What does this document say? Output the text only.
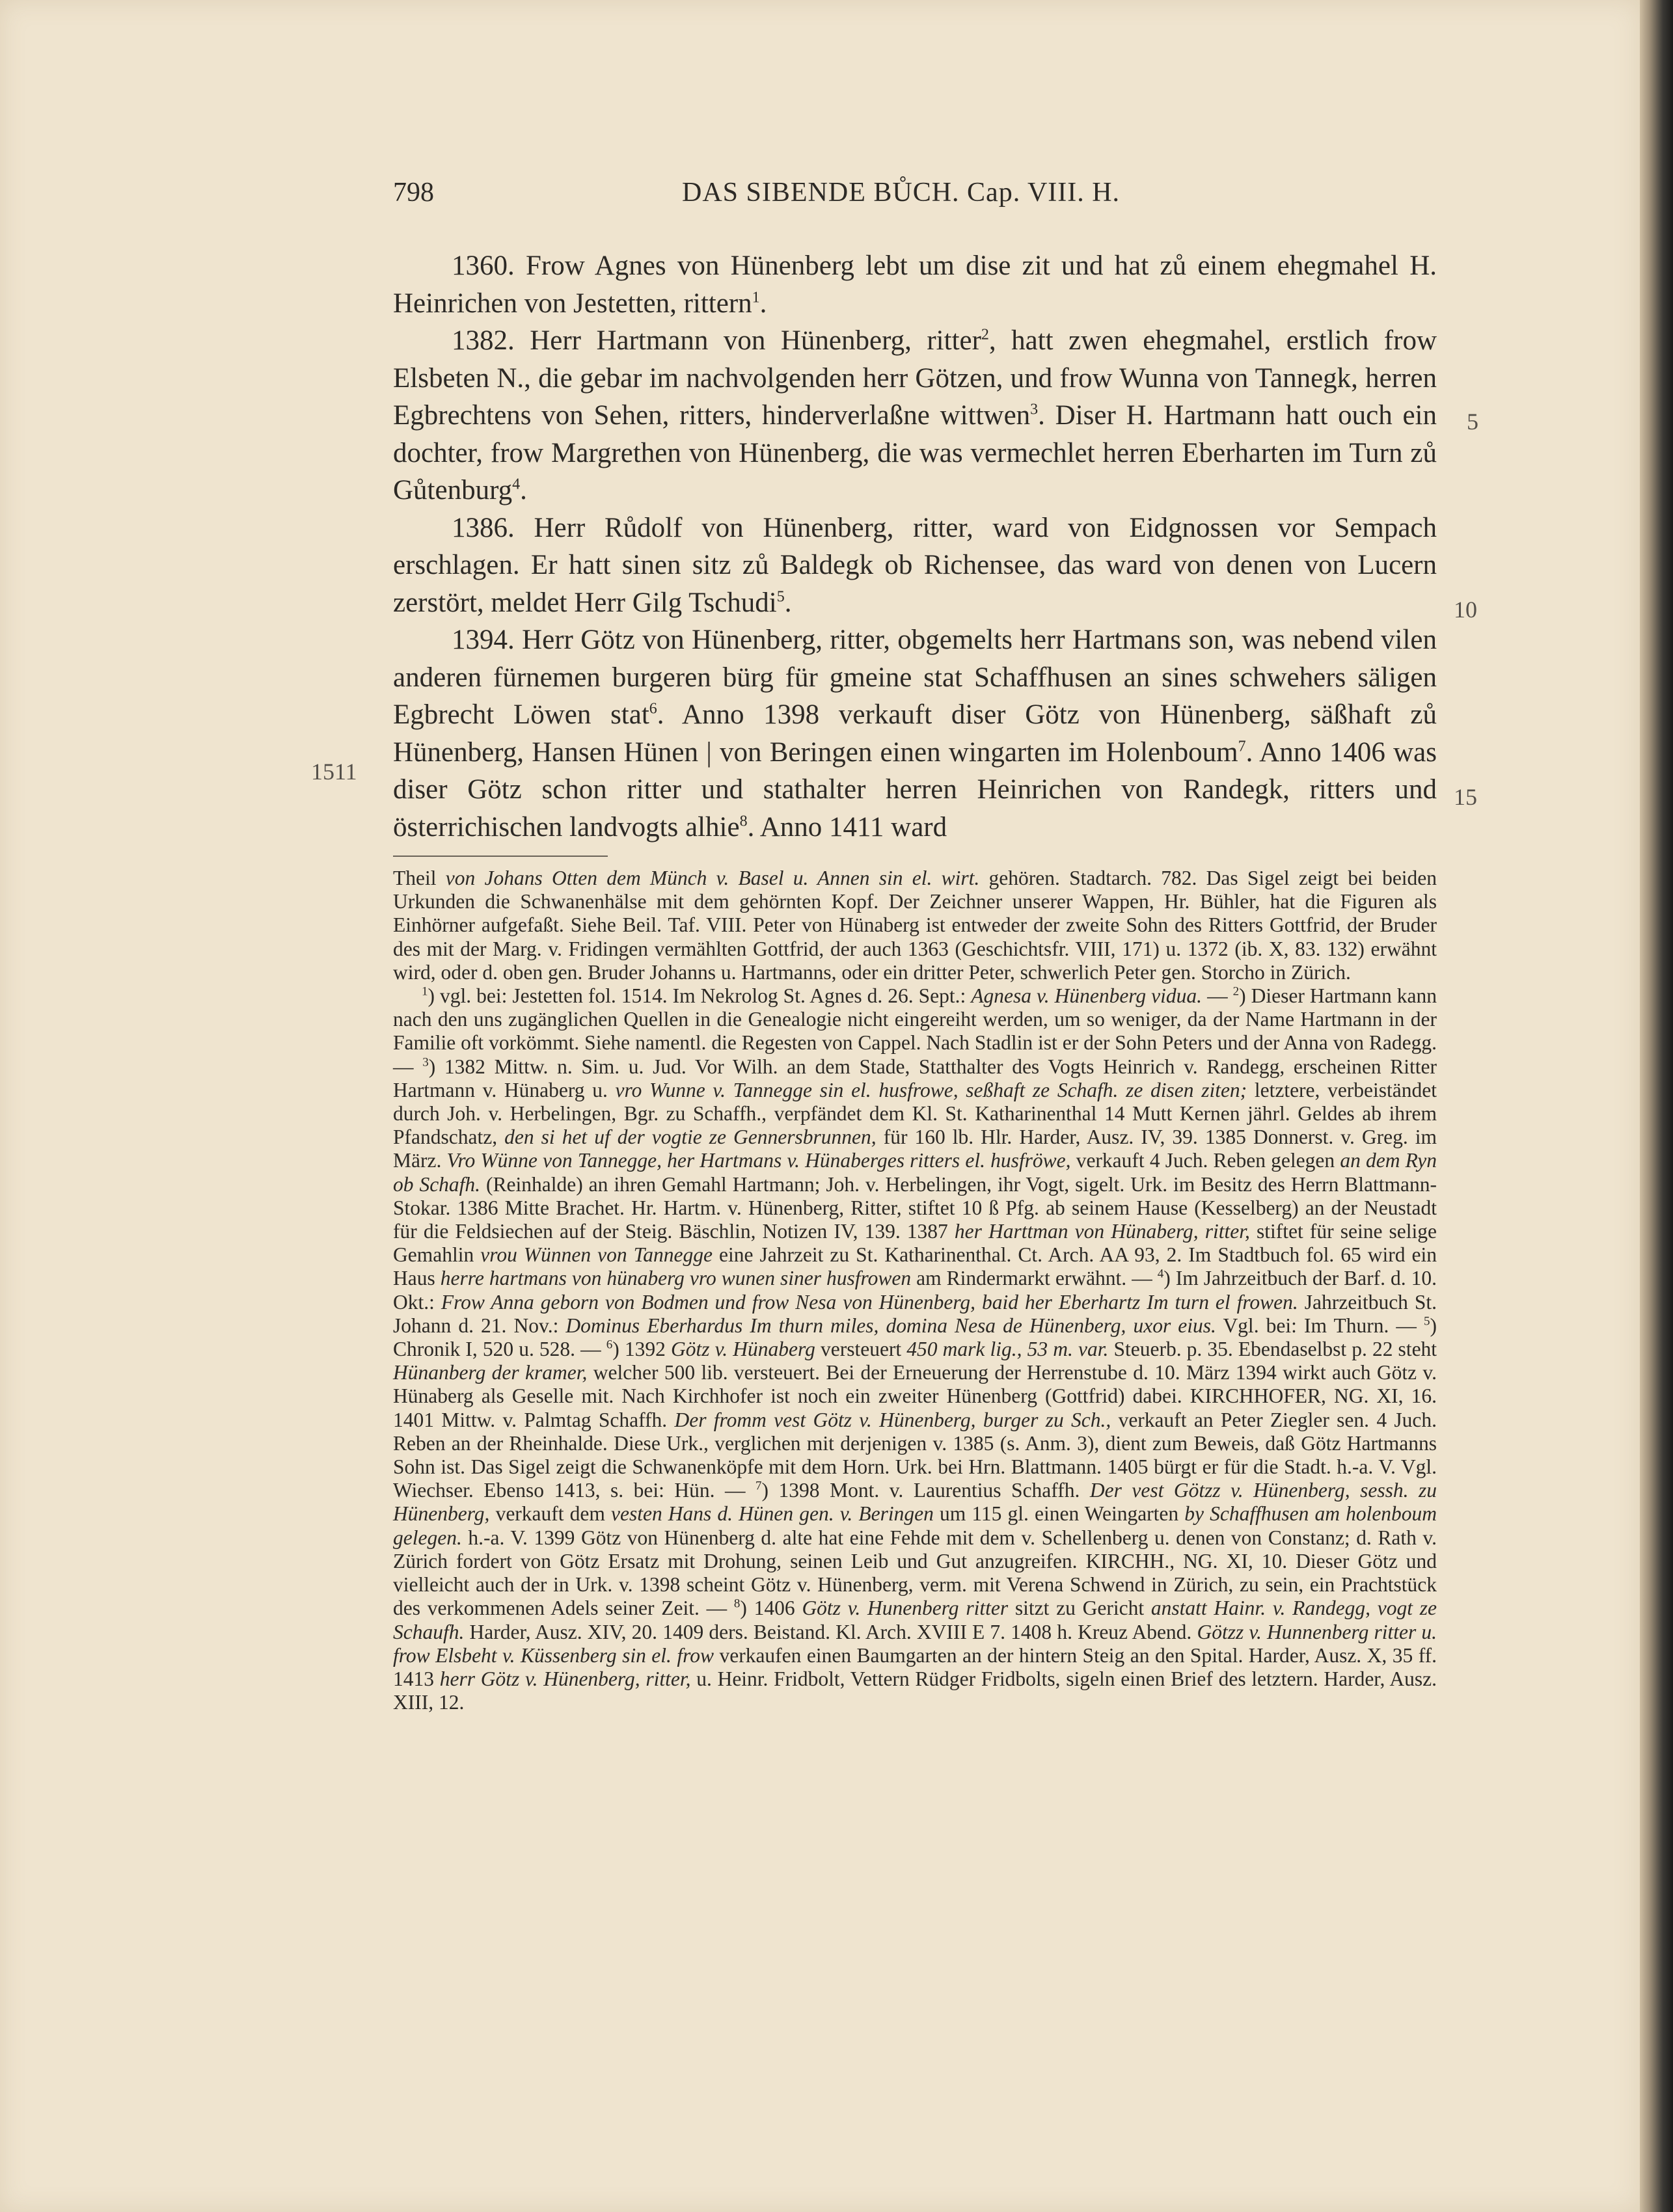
798	DAS SIBENDE BŮCH. Cap. VIII. H.
1511
5
10
15

1360. Frow Agnes von Hünenberg lebt um dise zit und hat zů einem ehegmahel H. Heinrichen von Jestetten, rittern$^1$.

1382. Herr Hartmann von Hünenberg, ritter$^2$, hatt zwen ehegmahel, erstlich frow Elsbeten N., die gebar im nachvolgenden herr Götzen, und frow Wunna von Tannegk, herren Egbrechtens von Sehen, ritters, hinderverlaßne wittwen$^3$. Diser H. Hartmann hatt ouch ein dochter, frow Margrethen von Hünenberg, die was vermechlet herren Eberharten im Turn zů Gůtenburg$^4$.

1386. Herr Růdolf von Hünenberg, ritter, ward von Eidgnossen vor Sempach erschlagen. Er hatt sinen sitz zů Baldegk ob Richensee, das ward von denen von Lucern zerstört, meldet Herr Gilg Tschudi$^5$.

1394. Herr Götz von Hünenberg, ritter, obgemelts herr Hartmans son, was nebend vilen anderen fürnemen burgeren bürg für gmeine stat Schaffhusen an sines schwehers säligen Egbrecht Löwen stat$^6$. Anno 1398 verkauft diser Götz von Hünenberg, säßhaft zů Hünenberg, Hansen Hünen | von Beringen einen wingarten im Holenboum$^7$. Anno 1406 was diser Götz schon ritter und stathalter herren Heinrichen von Randegk, ritters und österrichischen landvogts alhie$^8$. Anno 1411 ward

Theil von Johans Otten dem Münch v. Basel u. Annen sin el. wirt. gehören. Stadtarch. 782. Das Sigel zeigt bei beiden Urkunden die Schwanenhälse mit dem gehörnten Kopf. Der Zeichner unserer Wappen, Hr. Bühler, hat die Figuren als Einhörner aufgefaßt. Siehe Beil. Taf. VIII. Peter von Hünaberg ist entweder der zweite Sohn des Ritters Gottfrid, der Bruder des mit der Marg. v. Fridingen vermählten Gottfrid, der auch 1363 (Geschichtsfr. VIII, 171) u. 1372 (ib. X, 83. 132) erwähnt wird, oder d. oben gen. Bruder Johanns u. Hartmanns, oder ein dritter Peter, schwerlich Peter gen. Storcho in Zürich.

$^1$) vgl. bei: Jestetten fol. 1514. Im Nekrolog St. Agnes d. 26. Sept.: Agnesa v. Hünenberg vidua. — $^2$) Dieser Hartmann kann nach den uns zugänglichen Quellen in die Genealogie nicht eingereiht werden, um so weniger, da der Name Hartmann in der Familie oft vorkömmt. Siehe namentl. die Regesten von Cappel. Nach Stadlin ist er der Sohn Peters und der Anna von Radegg. — $^3$) 1382 Mittw. n. Sim. u. Jud. Vor Wilh. an dem Stade, Statthalter des Vogts Heinrich v. Randegg, erscheinen Ritter Hartmann v. Hünaberg u. vro Wunne v. Tannegge sin el. husfrowe, seßhaft ze Schafh. ze disen ziten; letztere, verbeiständet durch Joh. v. Herbelingen, Bgr. zu Schaffh., verpfändet dem Kl. St. Katharinenthal 14 Mutt Kernen jährl. Geldes ab ihrem Pfandschatz, den si het uf der vogtie ze Gennersbrunnen, für 160 lb. Hlr. Harder, Ausz. IV, 39. 1385 Donnerst. v. Greg. im März. Vro Wünne von Tannegge, her Hartmans v. Hünaberges ritters el. husfröwe, verkauft 4 Juch. Reben gelegen an dem Ryn ob Schafh. (Reinhalde) an ihren Gemahl Hartmann; Joh. v. Herbelingen, ihr Vogt, sigelt. Urk. im Besitz des Herrn Blattmann-Stokar. 1386 Mitte Brachet. Hr. Hartm. v. Hünenberg, Ritter, stiftet 10 ß Pfg. ab seinem Hause (Kesselberg) an der Neustadt für die Feldsiechen auf der Steig. Bäschlin, Notizen IV, 139. 1387 her Harttman von Hünaberg, ritter, stiftet für seine selige Gemahlin vrou Wünnen von Tannegge eine Jahrzeit zu St. Katharinenthal. Ct. Arch. AA 93, 2. Im Stadtbuch fol. 65 wird ein Haus herre hartmans von hünaberg vro wunen siner husfrowen am Rindermarkt erwähnt. — $^4$) Im Jahrzeitbuch der Barf. d. 10. Okt.: Frow Anna geborn von Bodmen und frow Nesa von Hünenberg, baid her Eberhartz Im turn el frowen. Jahrzeitbuch St. Johann d. 21. Nov.: Dominus Eberhardus Im thurn miles, domina Nesa de Hünenberg, uxor eius. Vgl. bei: Im Thurn. — $^5$) Chronik I, 520 u. 528. — $^6$) 1392 Götz v. Hünaberg versteuert 450 mark lig., 53 m. var. Steuerb. p. 35. Ebendaselbst p. 22 steht Hünanberg der kramer, welcher 500 lib. versteuert. Bei der Erneuerung der Herrenstube d. 10. März 1394 wirkt auch Götz v. Hünaberg als Geselle mit. Nach Kirchhofer ist noch ein zweiter Hünenberg (Gottfrid) dabei. KIRCHHOFER, NG. XI, 16. 1401 Mittw. v. Palmtag Schaffh. Der fromm vest Götz v. Hünenberg, burger zu Sch., verkauft an Peter Ziegler sen. 4 Juch. Reben an der Rheinhalde. Diese Urk., verglichen mit derjenigen v. 1385 (s. Anm. 3), dient zum Beweis, daß Götz Hartmanns Sohn ist. Das Sigel zeigt die Schwanenköpfe mit dem Horn. Urk. bei Hrn. Blattmann. 1405 bürgt er für die Stadt. h.-a. V. Vgl. Wiechser. Ebenso 1413, s. bei: Hün. — $^7$) 1398 Mont. v. Laurentius Schaffh. Der vest Götzz v. Hünenberg, sessh. zu Hünenberg, verkauft dem vesten Hans d. Hünen gen. v. Beringen um 115 gl. einen Weingarten by Schaffhusen am holenboum gelegen. h.-a. V. 1399 Götz von Hünenberg d. alte hat eine Fehde mit dem v. Schellenberg u. denen von Constanz; d. Rath v. Zürich fordert von Götz Ersatz mit Drohung, seinen Leib und Gut anzugreifen. KIRCHH., NG. XI, 10. Dieser Götz und vielleicht auch der in Urk. v. 1398 scheint Götz v. Hünenberg, verm. mit Verena Schwend in Zürich, zu sein, ein Prachtstück des verkommenen Adels seiner Zeit. — $^8$) 1406 Götz v. Hunenberg ritter sitzt zu Gericht anstatt Hainr. v. Randegg, vogt ze Schaufh. Harder, Ausz. XIV, 20. 1409 ders. Beistand. Kl. Arch. XVIII E 7. 1408 h. Kreuz Abend. Götzz v. Hunnenberg ritter u. frow Elsbeht v. Küssenberg sin el. frow verkaufen einen Baumgarten an der hintern Steig an den Spital. Harder, Ausz. X, 35 ff. 1413 herr Götz v. Hünenberg, ritter, u. Heinr. Fridbolt, Vettern Rüdger Fridbolts, sigeln einen Brief des letztern. Harder, Ausz. XIII, 12.
